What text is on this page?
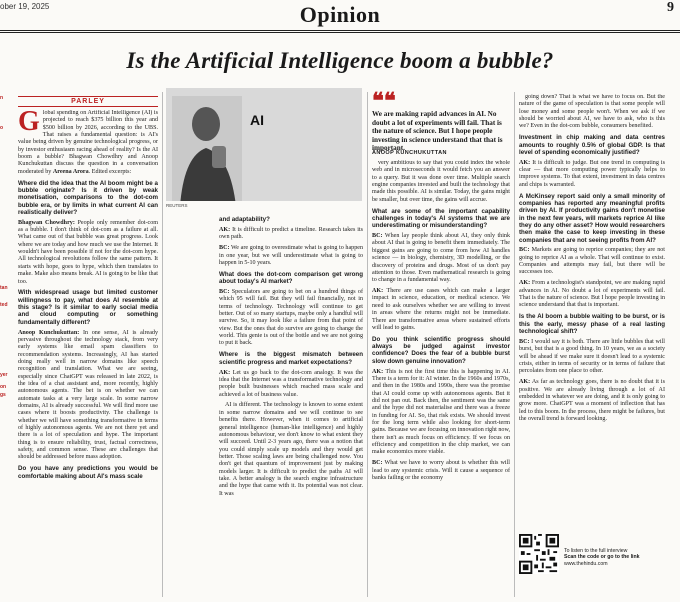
ober 19, 2025	Opinion	9
Is the Artificial Intelligence boom a bubble?
n
o
tan
ted
yer
on
gs
PARLEY

Global spending on Artificial Intelligence (AI) is projected to reach $375 billion this year and $500 billion by 2026, according to the UBS. That raises a fundamental question: is AI's value being driven by genuine technological progress, or by investor enthusiasm racing ahead of reality? Is the AI boom a bubble? Bhagwan Chowdhry and Anoop Kunchukuttan discuss the question in a conversation moderated by Areena Arora. Edited excerpts:

Where did the idea that the AI boom might be a bubble originate? Is it driven by weak monetisation, comparisons to the dot-com bubble era, or by limits in what current AI can realistically deliver?

Bhagwan Chowdhry: People only remember dot-com as a bubble. I don't think of dot-com as a failure at all. What came out of that bubble was great progress. Look where we are today and how much we use the Internet. It wouldn't have been possible if not for the dot-com hype. All technological revolutions follow the same pattern. It starts with hope, goes to hype, which then translates to make. Make also means break. AI is going to be like that too.

With widespread usage but limited customer willingness to pay, what does AI resemble at this stage? Is it similar to early social media and cloud computing or something fundamentally different?

Anoop Kunchukuttan: In one sense, AI is already pervasive throughout the technology stack, from very early systems like email spam classifiers to recommendation systems. Increasingly, AI has started doing really well in narrow domains like speech recognition and translation. What we are seeing, especially since ChatGPT was released in late 2022, is the idea of a chat assistant and, more recently, highly autonomous agents. The bet is on whether we can automate tasks at a very large scale. In some narrow domains, AI is already successful. We will find more use cases where it boosts productivity. The challenge is whether we will have something transformative in terms of highly autonomous agents. We are not there yet and there is a lot of speculation and hype. The important thing is to ensure reliability, trust, factual correctness, safety, and common sense. These are challenges that should be addressed before mass adoption.

Do you have any predictions you would be comfortable making about AI's mass scale

AI
REUTERS

and adaptability?

AK: It is difficult to predict a timeline. Research takes its own path.

BC: We are going to overestimate what is going to happen in one year, but we will underestimate what is going to happen in 5-10 years.

What does the dot-com comparison get wrong about today's AI market?

BC: Speculators are going to bet on a hundred things of which 95 will fail. But they will fail financially, not in terms of technology. Technology will continue to get better. Out of so many startups, maybe only a handful will survive. So, it may look like a failure from that point of view. But the ones that do survive are going to change the world. This genie is out of the bottle and we are not going to put it back.

Where is the biggest mismatch between scientific progress and market expectations?

AK: Let us go back to the dot-com analogy. It was the idea that the Internet was a transformative technology and people built businesses which reached mass scale and achieved a lot of business value.

AI is different. The technology is known to some extent in some narrow domains and we will continue to see benefits there. However, when it comes to artificial general intelligence (human-like intelligence) and highly autonomous behaviour, we don't know to what extent they will succeed. Until 2-3 years ago, there was a notion that you could simply scale up models and they would get better. Those scaling laws are being challenged now. You don't get that quantum of improvement just by making models larger. It is difficult to predict the paths AI will take. A better analogy is the search engine infrastructure and the hype that came with it. Its potential was not clear. It was

❝❝
We are making rapid advances in AI. No doubt a lot of experiments will fail. That is the nature of science. But I hope people investing in science understand that that is important.
ANOOP KUNCHUKUTTAN

very ambitious to say that you could index the whole web and in microseconds it would fetch you an answer to a query. But it was done over time. Multiple search engine companies invested and built the technology that made this possible. AI is similar. Today, the gains might be smaller, but over time, the gains will accrue.

What are some of the important capability challenges in today's AI systems that we are underestimating or misunderstanding?

BC: When lay people think about AI, they only think about AI that is going to benefit them immediately. The biggest gains are going to come from how AI handles science — in biology, chemistry, 3D modelling, or the discovery of proteins and drugs. Most of us don't pay attention to those. Even mathematical research is going to change in a fundamental way.

AK: There are use cases which can make a larger impact in science, education, or medical science. We need to ask ourselves whether we are willing to invest in areas where the returns might not be immediate. There are transformative areas where sustained efforts will lead to gains.

Do you think scientific progress should always be judged against investor confidence? Does the fear of a bubble burst slow down genuine innovation?

AK: This is not the first time this is happening in AI. There is a term for it: AI winter. In the 1960s and 1970s, and then in the 1980s and 1990s, there was the promise that AI could come up with autonomous agents. But it did not pan out. Back then, the sentiment was the same and the hype did not materialise and there was a freeze in funding for AI. So, that risk exists. We should invest for the long term while also looking for short-term gains. Because we are focusing on innovation right now, there isn't as much focus on efficiency. If we focus on efficiency and competition in the chip market, we can make economics more viable.

BC: What we have to worry about is whether this will lead to any systemic crisis. Will it cause a sequence of banks failing or the economy

going down? That is what we have to focus on. But the nature of the game of speculation is that some people will lose money and some people won't. When we ask if we should be worried about AI, we have to ask, who is this we? Even in the dot-com bubble, consumers benefited.

Investment in chip making and data centres amounts to roughly 0.5% of global GDP. Is that level of spending economically justified?

AK: It is difficult to judge. But one trend in computing is clear — that more computing power typically helps to improve systems. To that extent, investment in data centres and chips is warranted.

A McKinsey report said only a small minority of companies has reported any meaningful profits driven by AI. If productivity gains don't monetise in the next few years, will markets reprice AI like they do any other asset? How would researchers then make the case to keep investing in these companies that are not seeing profits from AI?

BC: Markets are going to reprice companies; they are not going to reprice AI as a whole. That will continue to exist. Companies and attempts may fail, but there will be successes too.

AK: From a technologist's standpoint, we are making rapid advances in AI. No doubt a lot of experiments will fail. That is the nature of science. But I hope people investing in science understand that that is important.

Is the AI boom a bubble waiting to be burst, or is this the early, messy phase of a real lasting technological shift?

BC: I would say it is both. There are little bubbles that will burst, but that is a good thing. In 10 years, we as a society will be ahead if we make sure it doesn't lead to a systemic crisis, either in terms of security or in terms of failure that percolates from one place to other.

AK: As far as technology goes, there is no doubt that it is positive. We are already living through a lot of AI embedded in whatever we are doing, and it is only going to grow more. ChatGPT was a moment of inflection that has led to this boom. In the process, there might be failures, but the overall trend is forward looking.

To listen to the full interview
Scan the code or go to the link
www.thehindu.com
